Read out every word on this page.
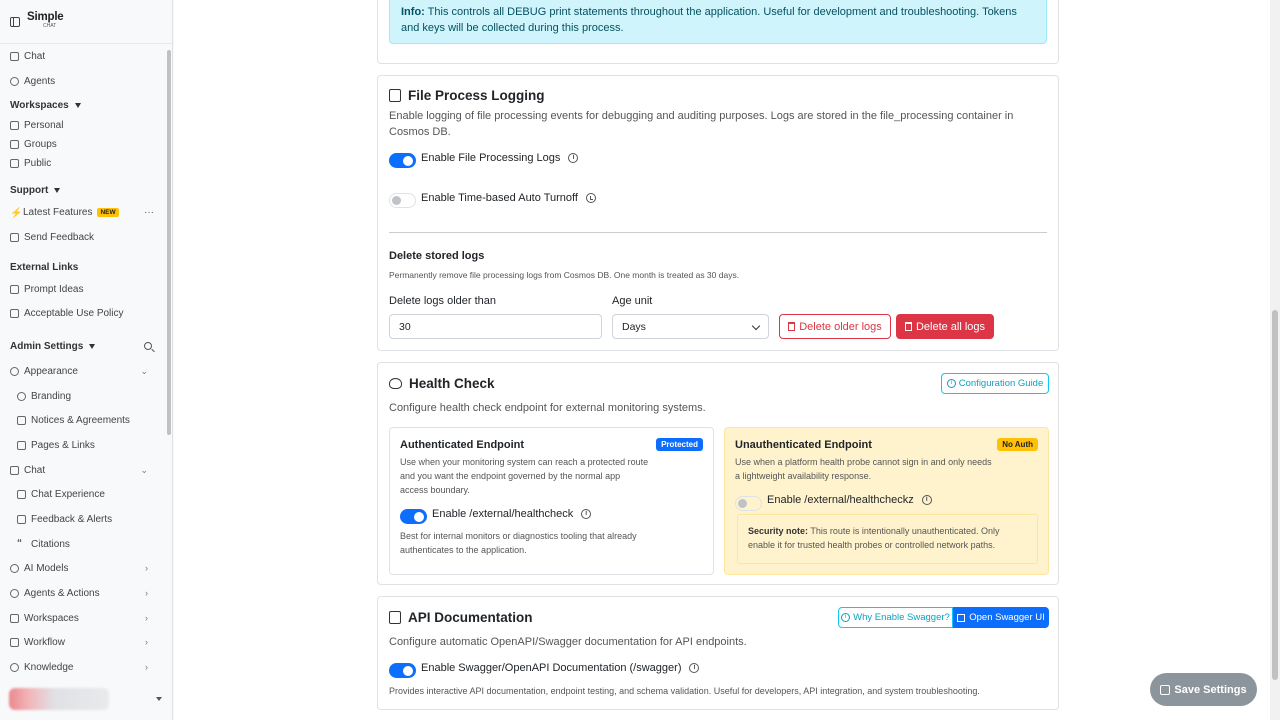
Simple
CHAT
Chat
Agents
Workspaces
Personal
Groups
Public
Support
⚡ Latest Features	NEW	···
Send Feedback
External Links
Prompt Ideas
Acceptable Use Policy
Admin Settings
Appearance	⌄
Branding
Notices & Agreements
Pages & Links
Chat	⌄
Chat Experience
Feedback & Alerts
“ Citations
AI Models	›
Agents & Actions	›
Workspaces	›
Workflow	›
Knowledge	›
Info: This controls all DEBUG print statements throughout the application. Useful for development and troubleshooting. Tokens and keys will be collected during this process.
File Process Logging
Enable logging of file processing events for debugging and auditing purposes. Logs are stored in the file_processing container in Cosmos DB.
Enable File Processing Logs	i
Enable Time-based Auto Turnoff
Delete stored logs
Permanently remove file processing logs from Cosmos DB. One month is treated as 30 days.
Delete logs older than
30
Age unit
Days	Delete older logs	Delete all logs
Health Check	i Configuration Guide
Configure health check endpoint for external monitoring systems.
Authenticated Endpoint	Protected
Use when your monitoring system can reach a protected route and you want the endpoint governed by the normal app access boundary.
Enable /external/healthcheck	i
Best for internal monitors or diagnostics tooling that already authenticates to the application.
Unauthenticated Endpoint	No Auth
Use when a platform health probe cannot sign in and only needs a lightweight availability response.
Enable /external/healthcheckz	i
Security note: This route is intentionally unauthenticated. Only enable it for trusted health probes or controlled network paths.
API Documentation	i Why Enable Swagger? Open Swagger UI
Configure automatic OpenAPI/Swagger documentation for API endpoints.
Enable Swagger/OpenAPI Documentation (/swagger)	i
Provides interactive API documentation, endpoint testing, and schema validation. Useful for developers, API integration, and system troubleshooting.	Save Settings
